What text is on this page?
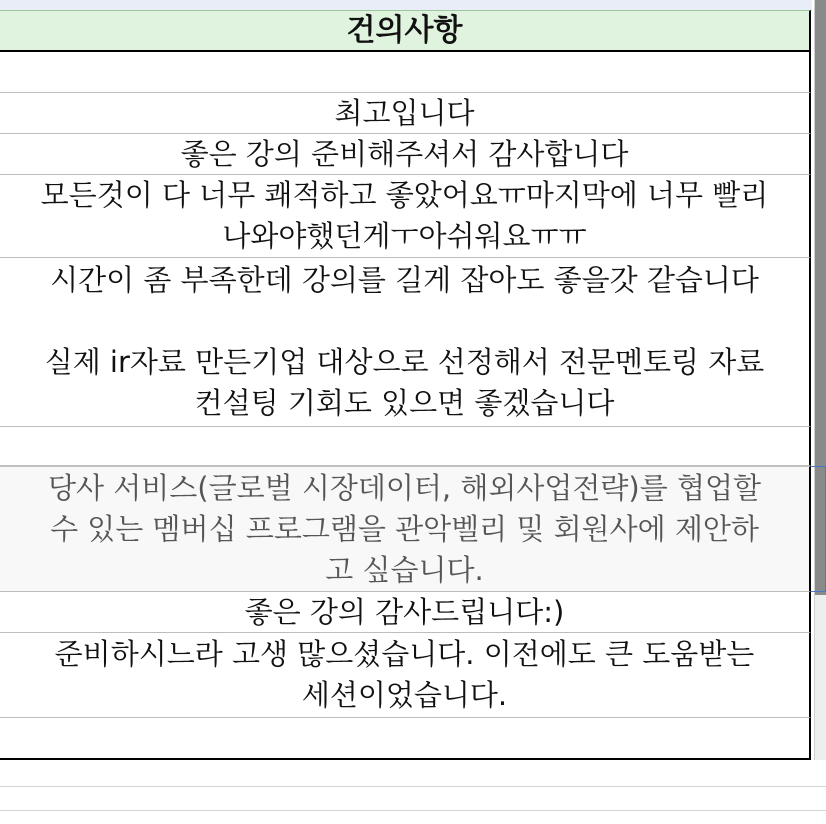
건의사항
최고입니다
좋은 강의 준비해주셔서 감사합니다
모든것이 다 너무 쾌적하고 좋았어요ㅠ마지막에 너무 빨리
나와야했던게ㅜ아쉬워요ㅠㅠ
시간이 좀 부족한데 강의를 길게 잡아도 좋을갓 같습니다

실제 ir자료 만든기업 대상으로 선정해서 전문멘토링 자료
컨설팅 기회도 있으면 좋겠습니다
당사 서비스(글로벌 시장데이터, 해외사업전략)를 협업할
수 있는 멤버십 프로그램을 관악벨리 및 회원사에 제안하
고 싶습니다.
좋은 강의 감사드립니다:)
준비하시느라 고생 많으셨습니다. 이전에도 큰 도움받는
세션이었습니다.
